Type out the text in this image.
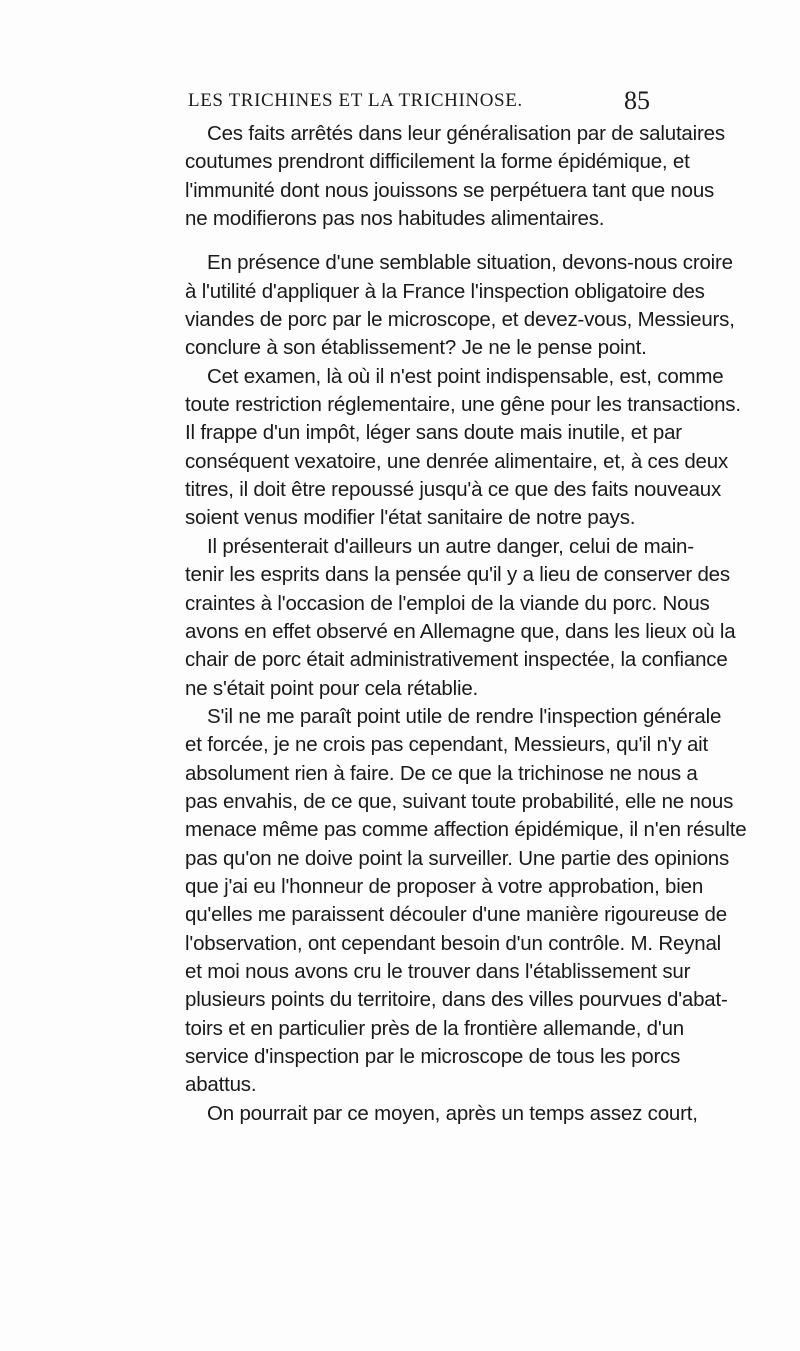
LES TRICHINES ET LA TRICHINOSE.	85
Ces faits arrêtés dans leur généralisation par de salutaires
coutumes prendront difficilement la forme épidémique, et
l'immunité dont nous jouissons se perpétuera tant que nous
ne modifierons pas nos habitudes alimentaires.
En présence d'une semblable situation, devons-nous croire
à l'utilité d'appliquer à la France l'inspection obligatoire des
viandes de porc par le microscope, et devez-vous, Messieurs,
conclure à son établissement? Je ne le pense point.
Cet examen, là où il n'est point indispensable, est, comme
toute restriction réglementaire, une gêne pour les transactions.
Il frappe d'un impôt, léger sans doute mais inutile, et par
conséquent vexatoire, une denrée alimentaire, et, à ces deux
titres, il doit être repoussé jusqu'à ce que des faits nouveaux
soient venus modifier l'état sanitaire de notre pays.
Il présenterait d'ailleurs un autre danger, celui de main-
tenir les esprits dans la pensée qu'il y a lieu de conserver des
craintes à l'occasion de l'emploi de la viande du porc. Nous
avons en effet observé en Allemagne que, dans les lieux où la
chair de porc était administrativement inspectée, la confiance
ne s'était point pour cela rétablie.
S'il ne me paraît point utile de rendre l'inspection générale
et forcée, je ne crois pas cependant, Messieurs, qu'il n'y ait
absolument rien à faire. De ce que la trichinose ne nous a
pas envahis, de ce que, suivant toute probabilité, elle ne nous
menace même pas comme affection épidémique, il n'en résulte
pas qu'on ne doive point la surveiller. Une partie des opinions
que j'ai eu l'honneur de proposer à votre approbation, bien
qu'elles me paraissent découler d'une manière rigoureuse de
l'observation, ont cependant besoin d'un contrôle. M. Reynal
et moi nous avons cru le trouver dans l'établissement sur
plusieurs points du territoire, dans des villes pourvues d'abat-
toirs et en particulier près de la frontière allemande, d'un
service d'inspection par le microscope de tous les porcs
abattus.
On pourrait par ce moyen, après un temps assez court,
